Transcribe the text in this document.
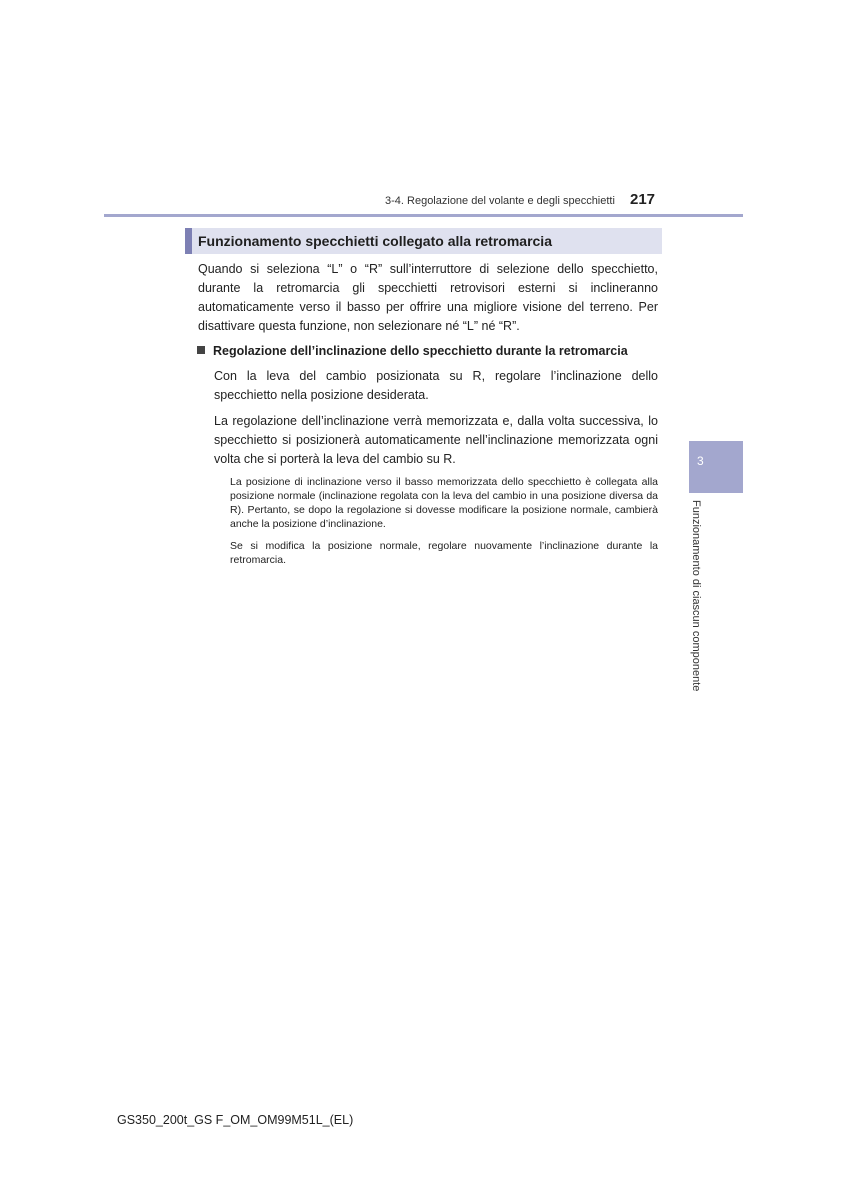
3-4. Regolazione del volante e degli specchietti 217
Funzionamento specchietti collegato alla retromarcia
Quando si seleziona “L” o “R” sull’interruttore di selezione dello specchietto, durante la retromarcia gli specchietti retrovisori esterni si inclineranno automaticamente verso il basso per offrire una migliore visione del terreno. Per disattivare questa funzione, non selezionare né “L” né “R”.
Regolazione dell’inclinazione dello specchietto durante la retromarcia
Con la leva del cambio posizionata su R, regolare l’inclinazione dello specchietto nella posizione desiderata.
La regolazione dell’inclinazione verrà memorizzata e, dalla volta successiva, lo specchietto si posizionerà automaticamente nell’inclinazione memorizzata ogni volta che si porterà la leva del cambio su R.
La posizione di inclinazione verso il basso memorizzata dello specchietto è collegata alla posizione normale (inclinazione regolata con la leva del cambio in una posizione diversa da R). Pertanto, se dopo la regolazione si dovesse modificare la posizione normale, cambierà anche la posizione d’inclinazione.
Se si modifica la posizione normale, regolare nuovamente l’inclinazione durante la retromarcia.
3
Funzionamento di ciascun componente
GS350_200t_GS F_OM_OM99M51L_(EL)
